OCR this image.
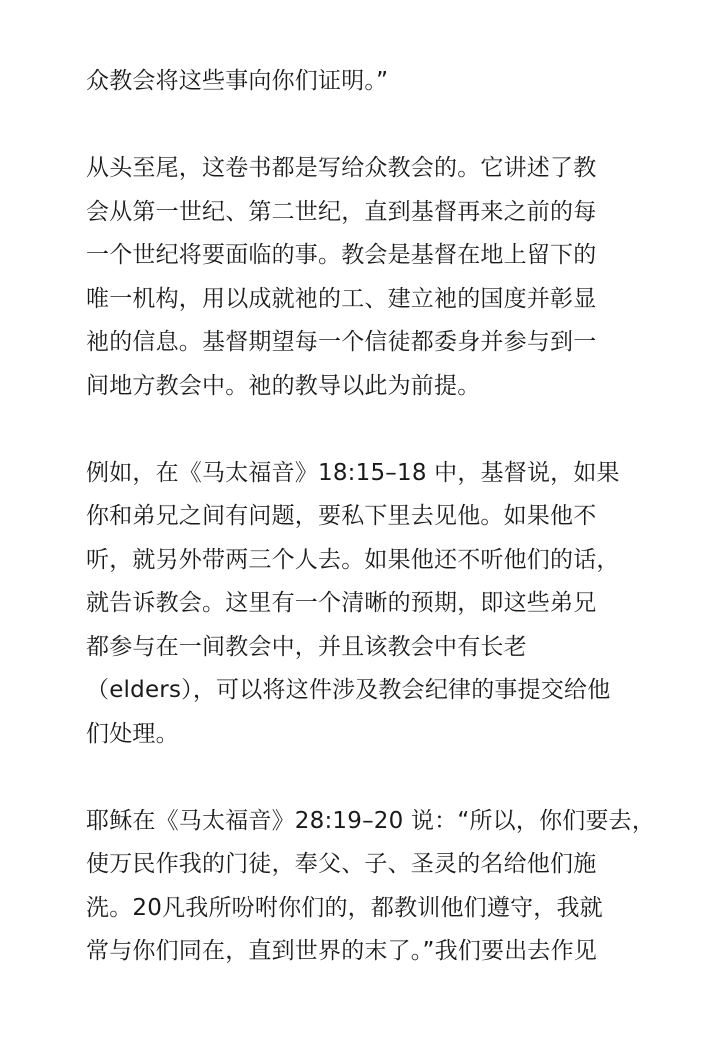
众教会将这些事向你们证明。”
从头至尾，这卷书都是写给众教会的。它讲述了教
会从第一世纪、第二世纪，直到基督再来之前的每
一个世纪将要面临的事。教会是基督在地上留下的
唯一机构，用以成就祂的工、建立祂的国度并彰显
祂的信息。基督期望每一个信徒都委身并参与到一
间地方教会中。祂的教导以此为前提。
例如，在《马太福音》18:15–18 中，基督说，如果
你和弟兄之间有问题，要私下里去见他。如果他不
听，就另外带两三个人去。如果他还不听他们的话，
就告诉教会。这里有一个清晰的预期，即这些弟兄
都参与在一间教会中，并且该教会中有长老
（elders），可以将这件涉及教会纪律的事提交给他
们处理。
耶稣在《马太福音》28:19–20 说：“所以，你们要去，
使万民作我的门徒，奉父、子、圣灵的名给他们施
洗。20凡我所吩咐你们的，都教训他们遵守，我就
常与你们同在，直到世界的末了。”我们要出去作见
